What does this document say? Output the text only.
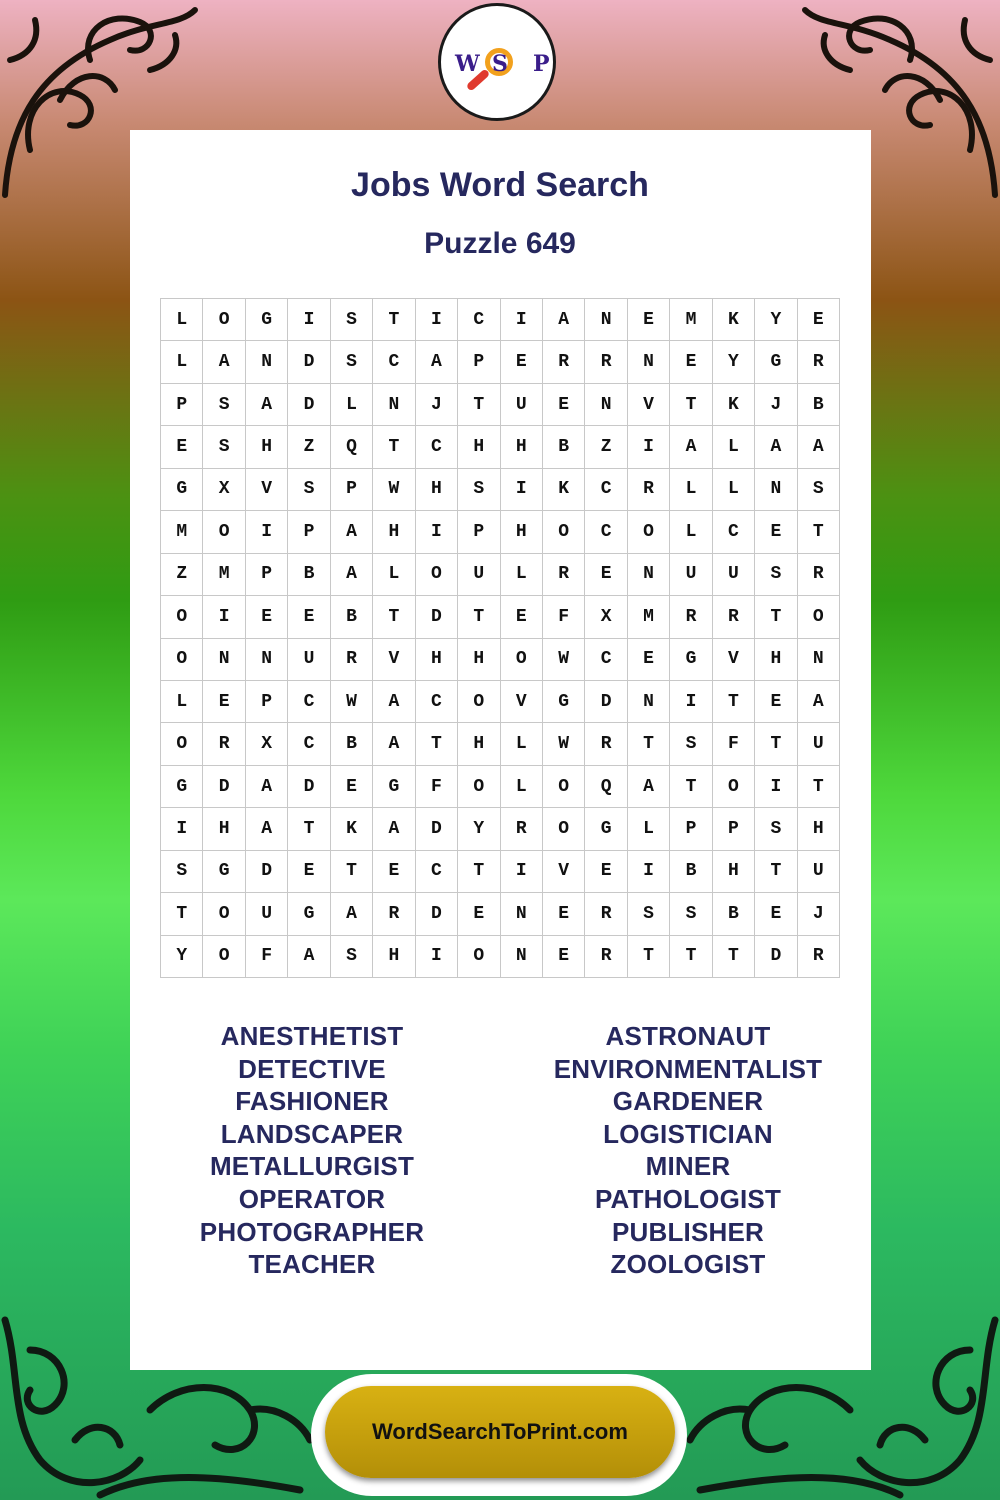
W S P
Jobs Word Search
Puzzle 649
L	O	G	I	S	T	I	C	I	A	N	E	M	K	Y	E
L	A	N	D	S	C	A	P	E	R	R	N	E	Y	G	R
P	S	A	D	L	N	J	T	U	E	N	V	T	K	J	B
E	S	H	Z	Q	T	C	H	H	B	Z	I	A	L	A	A
G	X	V	S	P	W	H	S	I	K	C	R	L	L	N	S
M	O	I	P	A	H	I	P	H	O	C	O	L	C	E	T
Z	M	P	B	A	L	O	U	L	R	E	N	U	U	S	R
O	I	E	E	B	T	D	T	E	F	X	M	R	R	T	O
O	N	N	U	R	V	H	H	O	W	C	E	G	V	H	N
L	E	P	C	W	A	C	O	V	G	D	N	I	T	E	A
O	R	X	C	B	A	T	H	L	W	R	T	S	F	T	U
G	D	A	D	E	G	F	O	L	O	Q	A	T	O	I	T
I	H	A	T	K	A	D	Y	R	O	G	L	P	P	S	H
S	G	D	E	T	E	C	T	I	V	E	I	B	H	T	U
T	O	U	G	A	R	D	E	N	E	R	S	S	B	E	J
Y	O	F	A	S	H	I	O	N	E	R	T	T	T	D	R
ANESTHETIST
DETECTIVE
FASHIONER
LANDSCAPER
METALLURGIST
OPERATOR
PHOTOGRAPHER
TEACHER
ASTRONAUT
ENVIRONMENTALIST
GARDENER
LOGISTICIAN
MINER
PATHOLOGIST
PUBLISHER
ZOOLOGIST
WordSearchToPrint.com
